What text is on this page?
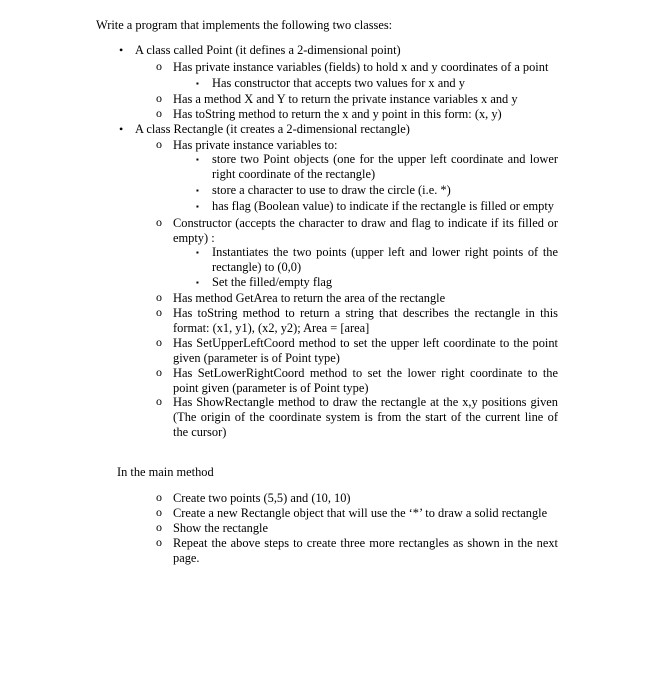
Write a program that implements the following two classes:
• A class called Point (it defines a 2-dimensional point)
o Has private instance variables (fields) to hold x and y coordinates of a point
▪ Has constructor that accepts two values for x and y
o Has a method X and Y to return the private instance variables x and y
o Has toString method to return the x and y point in this form: (x, y)
• A class Rectangle (it creates a 2-dimensional rectangle)
o Has private instance variables to:
▪ store two Point objects (one for the upper left coordinate and lower right coordinate of the rectangle)
▪ store a character to use to draw the circle (i.e. *)
▪ has flag (Boolean value) to indicate if the rectangle is filled or empty
o Constructor (accepts the character to draw and flag to indicate if its filled or empty) :
▪ Instantiates the two points (upper left and lower right points of the rectangle) to (0,0)
▪ Set the filled/empty flag
o Has method GetArea to return the area of the rectangle
o Has toString method to return a string that describes the rectangle in this format: (x1, y1), (x2, y2); Area = [area]
o Has SetUpperLeftCoord method to set the upper left coordinate to the point given (parameter is of Point type)
o Has SetLowerRightCoord method to set the lower right coordinate to the point given (parameter is of Point type)
o Has ShowRectangle method to draw the rectangle at the x,y positions given (The origin of the coordinate system is from the start of the current line of the cursor)
In the main method
o Create two points (5,5) and (10, 10)
o Create a new Rectangle object that will use the ‘*’ to draw a solid rectangle
o Show the rectangle
o Repeat the above steps to create three more rectangles as shown in the next page.
